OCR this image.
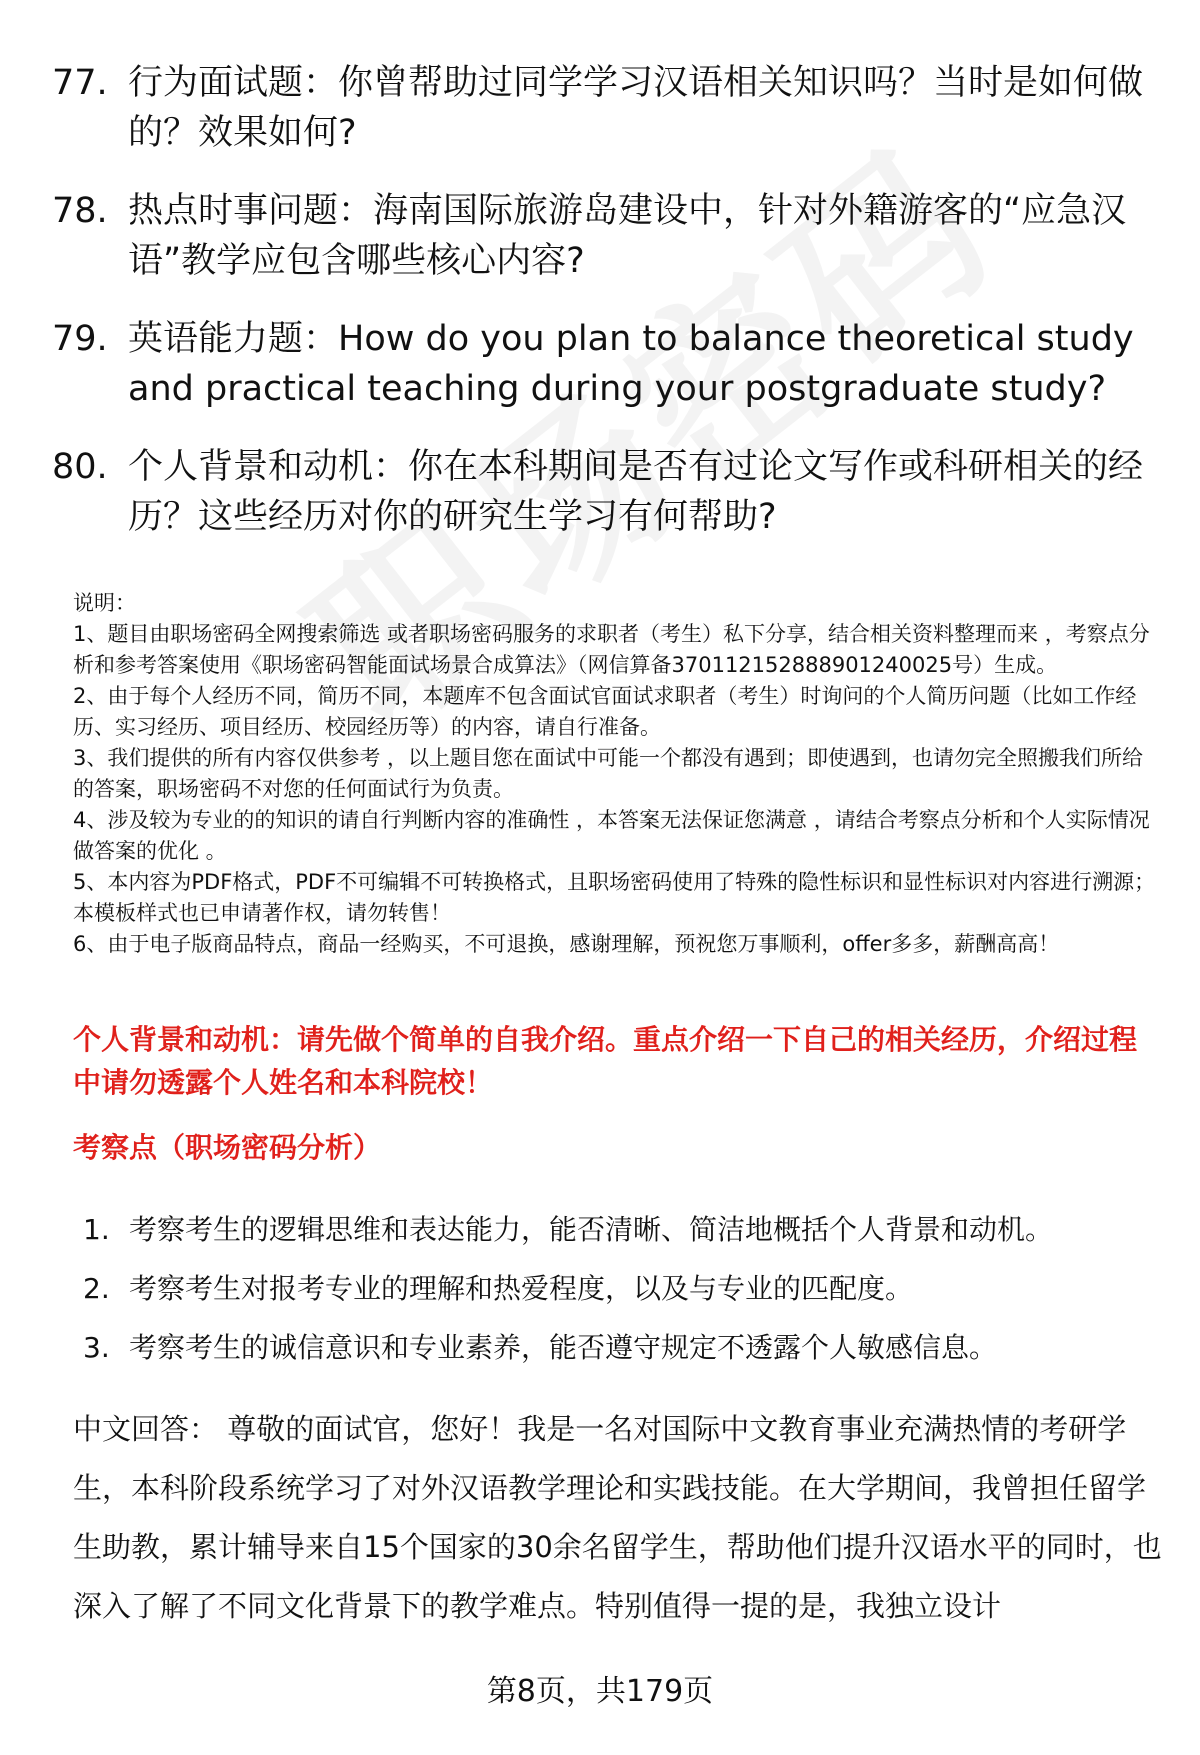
77. 行为面试题：你曾帮助过同学学习汉语相关知识吗？当时是如何做的？效果如何?
78. 热点时事问题：海南国际旅游岛建设中，针对外籍游客的“应急汉语”教学应包含哪些核心内容?
79. 英语能力题：How do you plan to balance theoretical study and practical teaching during your postgraduate study?
80. 个人背景和动机：你在本科期间是否有过论文写作或科研相关的经历？这些经历对你的研究生学习有何帮助?

说明：

1、题目由职场密码全网搜索筛选 或者职场密码服务的求职者（考生）私下分享，结合相关资料整理而来 ，考察点分析和参考答案使用《职场密码智能面试场景合成算法》（网信算备370112152888901240025号）生成。

2、由于每个人经历不同，简历不同，本题库不包含面试官面试求职者（考生）时询问的个人简历问题（比如工作经历、实习经历、项目经历、校园经历等）的内容，请自行准备。

3、我们提供的所有内容仅供参考 ，以上题目您在面试中可能一个都没有遇到；即使遇到，也请勿完全照搬我们所给的答案，职场密码不对您的任何面试行为负责。

4、涉及较为专业的的知识的请自行判断内容的准确性 ，本答案无法保证您满意 ，请结合考察点分析和个人实际情况做答案的优化 。

5、本内容为PDF格式，PDF不可编辑不可转换格式，且职场密码使用了特殊的隐性标识和显性标识对内容进行溯源；本模板样式也已申请著作权，请勿转售！

6、由于电子版商品特点，商品一经购买，不可退换，感谢理解，预祝您万事顺利，offer多多，薪酬高高！

个人背景和动机：请先做个简单的自我介绍。重点介绍一下自己的相关经历，介绍过程中请勿透露个人姓名和本科院校！
考察点（职场密码分析）
1. 考察考生的逻辑思维和表达能力，能否清晰、简洁地概括个人背景和动机。
2. 考察考生对报考专业的理解和热爱程度，以及与专业的匹配度。
3. 考察考生的诚信意识和专业素养，能否遵守规定不透露个人敏感信息。
中文回答： 尊敬的面试官，您好！我是一名对国际中文教育事业充满热情的考研学生，本科阶段系统学习了对外汉语教学理论和实践技能。在大学期间，我曾担任留学生助教，累计辅导来自15个国家的30余名留学生，帮助他们提升汉语水平的同时，也深入了解了不同文化背景下的教学难点。特别值得一提的是，我独立设计
第8页，共179页
